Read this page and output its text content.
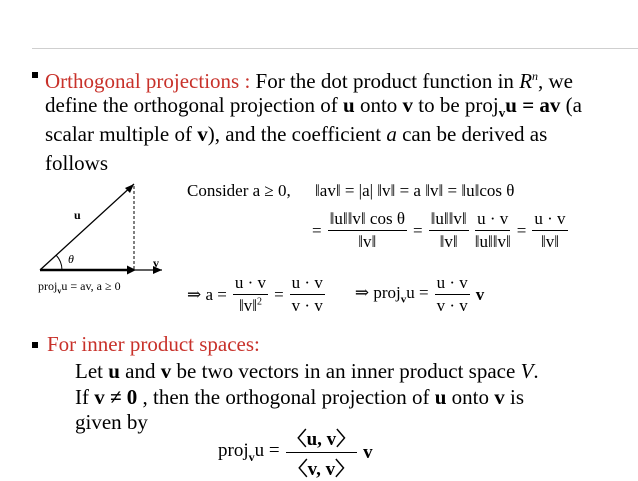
Orthogonal projections : For the dot product function in $R^n$, we
define the orthogonal projection of u onto v to be proj$_v$u = av (a
scalar multiple of v), and the coefficient a can be derived as
follows
u
v
θ
proj$_v$u = av, a ≥ 0
Consider a ≥ 0, ‖av‖ = |a| ‖v‖ = a ‖v‖ = ‖u‖cos θ
= $\frac{\text{‖u‖‖v‖ cos θ}}{‖v‖} = \frac{‖u‖‖v‖}{‖v‖} \frac{u \cdot v}{‖u‖‖v‖} = \frac{u \cdot v}{‖v‖}$
⇒ $a = \frac{u \cdot v}{‖v‖^2} = \frac{u \cdot v}{v \cdot v}$ ⇒ proj$_v$u = $\frac{u \cdot v}{v \cdot v}$ v
For inner product spaces:
Let u and v be two vectors in an inner product space V.
If v ≠ 0 , then the orthogonal projection of u onto v is
given by
proj$_v$u = $\frac{〈u, v〉}{〈v, v〉}$ v
